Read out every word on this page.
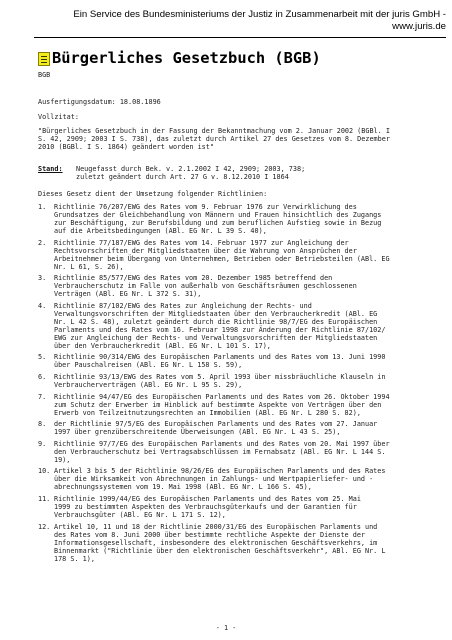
Ein Service des Bundesministeriums der Justiz in Zusammenarbeit mit der juris GmbH -
www.juris.de
Bürgerliches Gesetzbuch (BGB)
BGB
Ausfertigungsdatum: 18.08.1896
Vollzitat:
"Bürgerliches Gesetzbuch in der Fassung der Bekanntmachung vom 2. Januar 2002 (BGBl. I
S. 42, 2909; 2003 I S. 738), das zuletzt durch Artikel 27 des Gesetzes vom 8. Dezember
2010 (BGBl. I S. 1864) geändert worden ist"
Stand: Neugefasst durch Bek. v. 2.1.2002 I 42, 2909; 2003, 738;
zuletzt geändert durch Art. 27 G v. 8.12.2010 I 1864
Dieses Gesetz dient der Umsetzung folgender Richtlinien:
1. Richtlinie 76/207/EWG des Rates vom 9. Februar 1976 zur Verwirklichung des
Grundsatzes der Gleichbehandlung von Männern und Frauen hinsichtlich des Zugangs
zur Beschäftigung, zur Berufsbildung und zum beruflichen Aufstieg sowie in Bezug
auf die Arbeitsbedingungen (ABl. EG Nr. L 39 S. 40),
2. Richtlinie 77/187/EWG des Rates vom 14. Februar 1977 zur Angleichung der
Rechtsvorschriften der Mitgliedstaaten über die Wahrung von Ansprüchen der
Arbeitnehmer beim Übergang von Unternehmen, Betrieben oder Betriebsteilen (ABl. EG
Nr. L 61, S. 26),
3. Richtlinie 85/577/EWG des Rates vom 20. Dezember 1985 betreffend den
Verbraucherschutz im Falle von außerhalb von Geschäftsräumen geschlossenen
Verträgen (ABl. EG Nr. L 372 S. 31),
4. Richtlinie 87/102/EWG des Rates zur Angleichung der Rechts- und
Verwaltungsvorschriften der Mitgliedstaaten über den Verbraucherkredit (ABl. EG
Nr. L 42 S. 48), zuletzt geändert durch die Richtlinie 98/7/EG des Europäischen
Parlaments und des Rates vom 16. Februar 1998 zur Änderung der Richtlinie 87/102/
EWG zur Angleichung der Rechts- und Verwaltungsvorschriften der Mitgliedstaaten
über den Verbraucherkredit (ABl. EG Nr. L 101 S. 17),
5. Richtlinie 90/314/EWG des Europäischen Parlaments und des Rates vom 13. Juni 1990
über Pauschalreisen (ABl. EG Nr. L 158 S. 59),
6. Richtlinie 93/13/EWG des Rates vom 5. April 1993 über missbräuchliche Klauseln in
Verbraucherverträgen (ABl. EG Nr. L 95 S. 29),
7. Richtlinie 94/47/EG des Europäischen Parlaments und des Rates vom 26. Oktober 1994
zum Schutz der Erwerber im Hinblick auf bestimmte Aspekte von Verträgen über den
Erwerb von Teilzeitnutzungsrechten an Immobilien (ABl. EG Nr. L 280 S. 82),
8. der Richtlinie 97/5/EG des Europäischen Parlaments und des Rates vom 27. Januar
1997 über grenzüberschreitende Überweisungen (ABl. EG Nr. L 43 S. 25),
9. Richtlinie 97/7/EG des Europäischen Parlaments und des Rates vom 20. Mai 1997 über
den Verbraucherschutz bei Vertragsabschlüssen im Fernabsatz (ABl. EG Nr. L 144 S.
19),
10. Artikel 3 bis 5 der Richtlinie 98/26/EG des Europäischen Parlaments und des Rates
über die Wirksamkeit von Abrechnungen in Zahlungs- und Wertpapierliefer- und -
abrechnungssystemen vom 19. Mai 1998 (ABl. EG Nr. L 166 S. 45),
11. Richtlinie 1999/44/EG des Europäischen Parlaments und des Rates vom 25. Mai
1999 zu bestimmten Aspekten des Verbrauchsgüterkaufs und der Garantien für
Verbrauchsgüter (ABl. EG Nr. L 171 S. 12),
12. Artikel 10, 11 und 18 der Richtlinie 2000/31/EG des Europäischen Parlaments und
des Rates vom 8. Juni 2000 über bestimmte rechtliche Aspekte der Dienste der
Informationsgesellschaft, insbesondere des elektronischen Geschäftsverkehrs, im
Binnenmarkt ("Richtlinie über den elektronischen Geschäftsverkehr", ABl. EG Nr. L
178 S. 1),
- 1 -
